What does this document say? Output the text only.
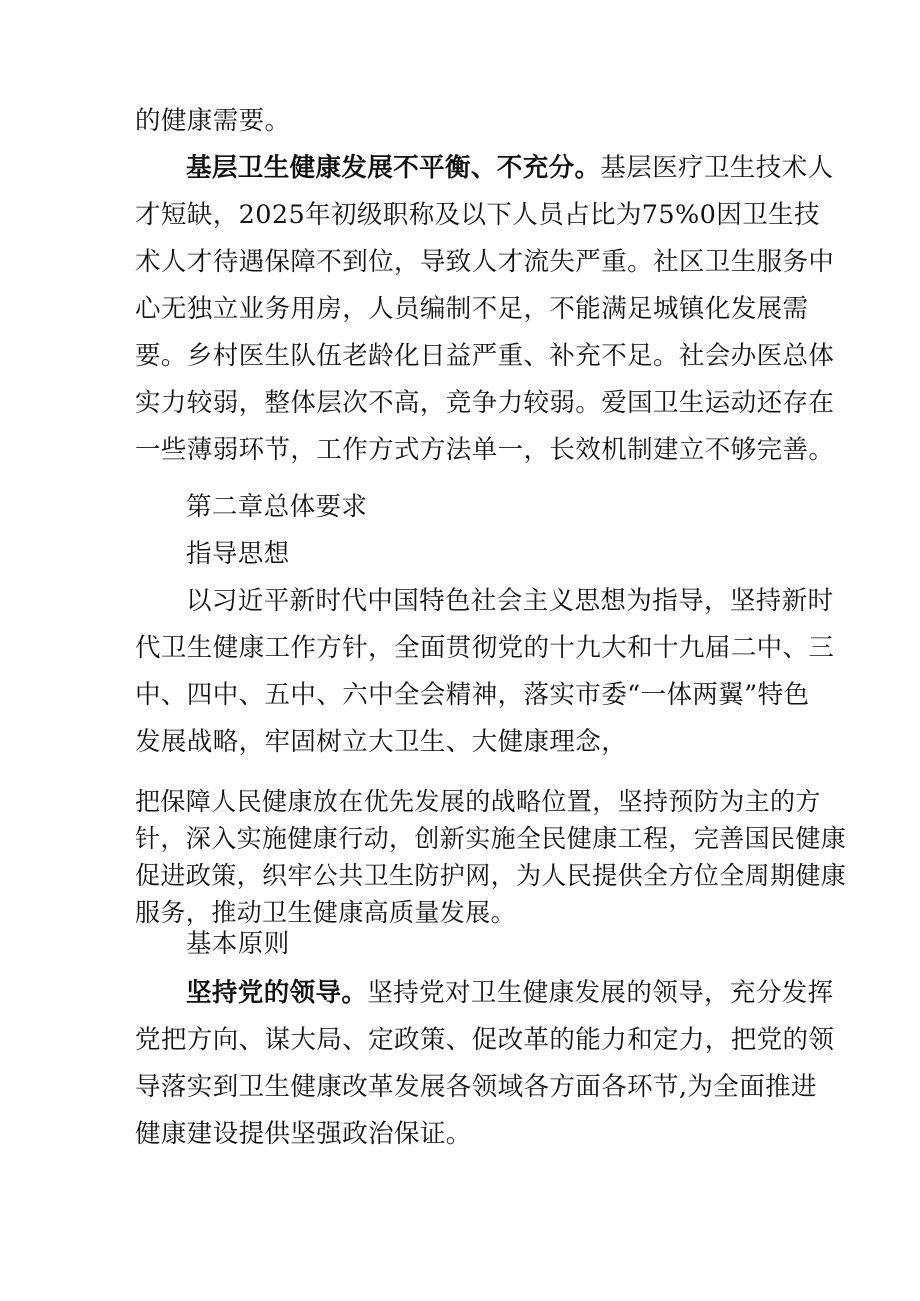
的健康需要。

基层卫生健康发展不平衡、不充分。基层医疗卫生技术人才短缺，2025年初级职称及以下人员占比为75%0因卫生技术人才待遇保障不到位，导致人才流失严重。社区卫生服务中心无独立业务用房，人员编制不足，不能满足城镇化发展需要。乡村医生队伍老龄化日益严重、补充不足。社会办医总体实力较弱，整体层次不高，竞争力较弱。爱国卫生运动还存在一些薄弱环节，工作方式方法单一，长效机制建立不够完善。

第二章总体要求

指导思想

以习近平新时代中国特色社会主义思想为指导，坚持新时代卫生健康工作方针，全面贯彻党的十九大和十九届二中、三中、四中、五中、六中全会精神，落实市委“一体两翼”特色发展战略，牢固树立大卫生、大健康理念，

把保障人民健康放在优先发展的战略位置，坚持预防为主的方针，深入实施健康行动，创新实施全民健康工程，完善国民健康促进政策，织牢公共卫生防护网，为人民提供全方位全周期健康服务，推动卫生健康高质量发展。

基本原则

坚持党的领导。坚持党对卫生健康发展的领导，充分发挥党把方向、谋大局、定政策、促改革的能力和定力，把党的领导落实到卫生健康改革发展各领域各方面各环节,为全面推进健康建设提供坚强政治保证。
